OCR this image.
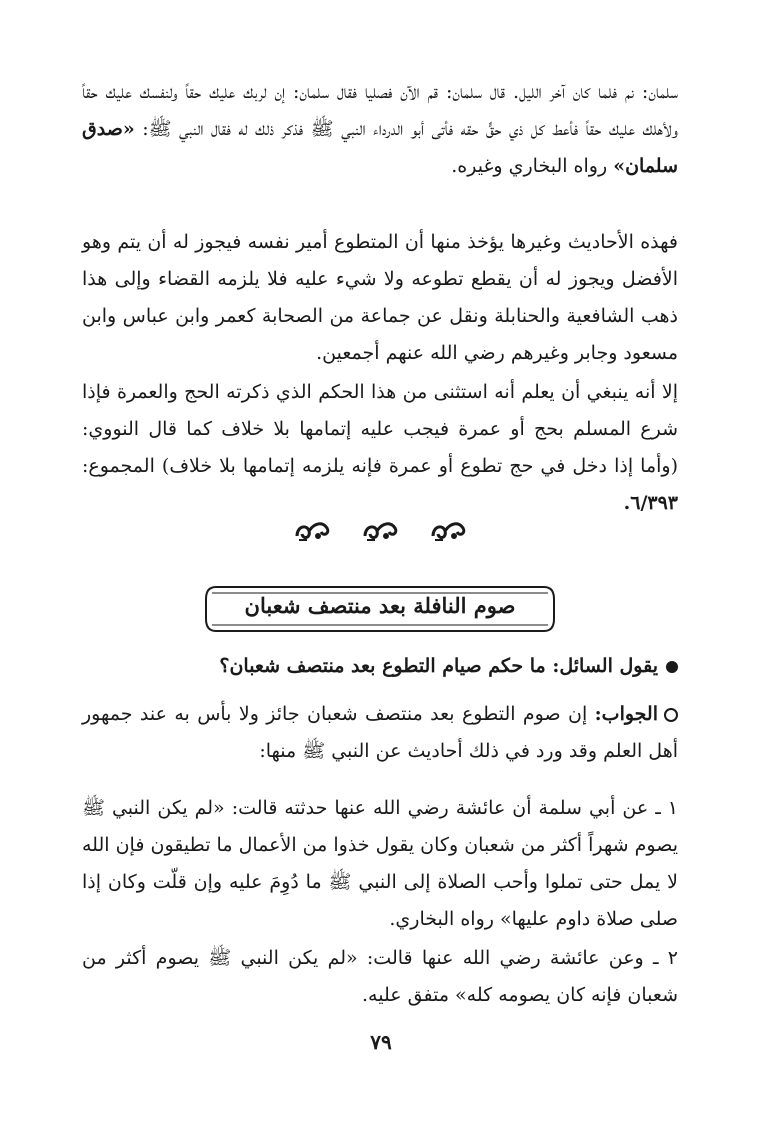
سلمان: نم فلما كان آخر الليل. قال سلمان: قم الآن فصليا فقال سلمان: إن لربك عليك حقاً ولنفسك عليك حقاً ولأهلك عليك حقاً فأعط كل ذي حقٍّ حقه فأتى أبو الدرداء النبي ﷺ فذكر ذلك له فقال النبي ﷺ: «صدق سلمان» رواه البخاري وغيره.

فهذه الأحاديث وغيرها يؤخذ منها أن المتطوع أمير نفسه فيجوز له أن يتم وهو الأفضل ويجوز له أن يقطع تطوعه ولا شيء عليه فلا يلزمه القضاء وإلى هذا ذهب الشافعية والحنابلة ونقل عن جماعة من الصحابة كعمر وابن عباس وابن مسعود وجابر وغيرهم رضي الله عنهم أجمعين.

إلا أنه ينبغي أن يعلم أنه استثنى من هذا الحكم الذي ذكرته الحج والعمرة فإذا شرع المسلم بحج أو عمرة فيجب عليه إتمامها بلا خلاف كما قال النووي: (وأما إذا دخل في حج تطوع أو عمرة فإنه يلزمه إتمامها بلا خلاف) المجموع: ٦/٣٩٣.

صوم النافلة بعد منتصف شعبان

يقول السائل: ما حكم صيام التطوع بعد منتصف شعبان؟

الجواب: إن صوم التطوع بعد منتصف شعبان جائز ولا بأس به عند جمهور أهل العلم وقد ورد في ذلك أحاديث عن النبي ﷺ منها:

١ ـ عن أبي سلمة أن عائشة رضي الله عنها حدثته قالت: «لم يكن النبي ﷺ يصوم شهراً أكثر من شعبان وكان يقول خذوا من الأعمال ما تطيقون فإن الله لا يمل حتى تملوا وأحب الصلاة إلى النبي ﷺ ما دُوِمَ عليه وإن قلّت وكان إذا صلى صلاة داوم عليها» رواه البخاري.

٢ ـ وعن عائشة رضي الله عنها قالت: «لم يكن النبي ﷺ يصوم أكثر من شعبان فإنه كان يصومه كله» متفق عليه.

٧٩
